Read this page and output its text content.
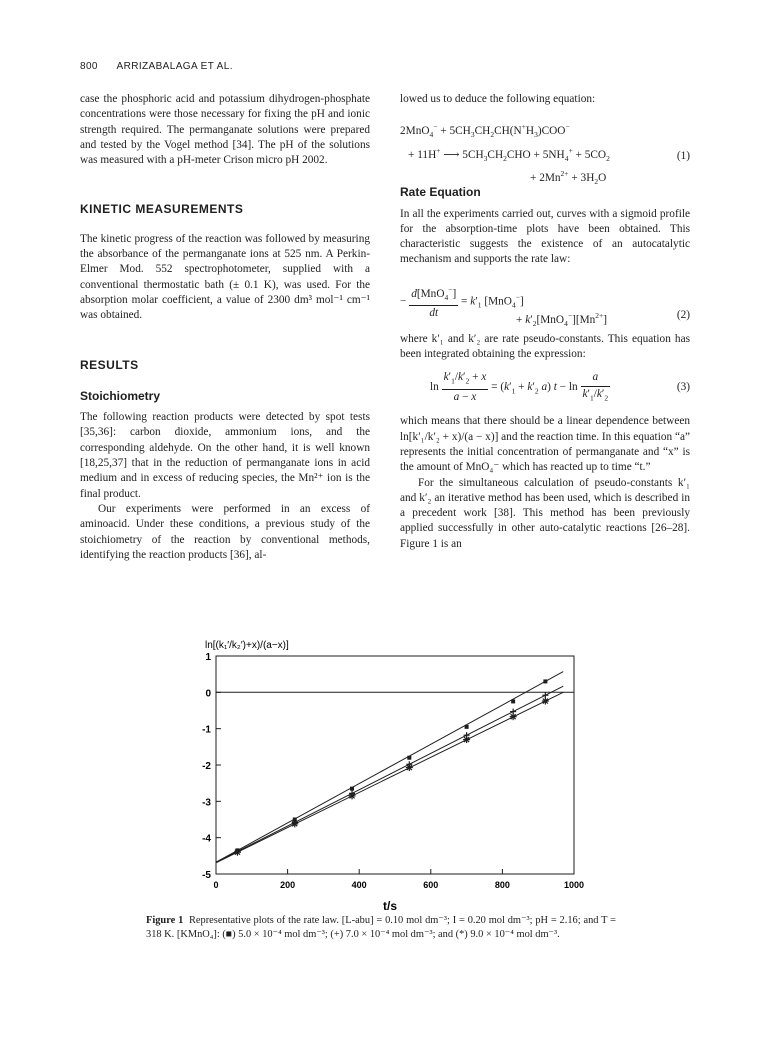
800 ARRIZABALAGA ET AL.

case the phosphoric acid and potassium dihydrogen-phosphate concentrations were those necessary for fixing the pH and ionic strength required. The permanganate solutions were prepared and tested by the Vogel method [34]. The pH of the solutions was measured with a pH-meter Crison micro pH 2002.

KINETIC MEASUREMENTS

The kinetic progress of the reaction was followed by measuring the absorbance of the permanganate ions at 525 nm. A Perkin-Elmer Mod. 552 spectrophotometer, supplied with a conventional thermostatic bath (± 0.1 K), was used. For the absorption molar coefficient, a value of 2300 dm³ mol⁻¹ cm⁻¹ was obtained.

RESULTS

Stoichiometry

The following reaction products were detected by spot tests [35,36]: carbon dioxide, ammonium ions, and the corresponding aldehyde. On the other hand, it is well known [18,25,37] that in the reduction of permanganate ions in acid medium and in excess of reducing species, the Mn²⁺ ion is the final product.

Our experiments were performed in an excess of aminoacid. Under these conditions, a previous study of the stoichiometry of the reaction by conventional methods, identifying the reaction products [36], al-

lowed us to deduce the following equation:

$2MnO_4^- + 5CH_3CH_2CH(N^+H_3)COO^-$
+ 11H+ ⟶ $5CH_3CH_2CHO + 5NH_4^+ + 5CO_2$
+ $2Mn^{2+} + 3H_2O$
(1)

Rate Equation

In all the experiments carried out, curves with a sigmoid profile for the absorption-time plots have been obtained. This characteristic suggests the existence of an autocatalytic mechanism and supports the rate law:

− $\frac{d[MnO_4^-]}{dt} = k'_1$ [MnO$_4$−]
+ $k'_2[MnO_4^-][Mn^{2+}]$	(2)

where k′₁ and k′₂ are rate pseudo-constants. This equation has been integrated obtaining the expression:

$\ln \frac{k'_1/k'_2 + x}{a - x} = (k'_1 + k'_2$ a) $t - \ln \frac{a}{k'_1/k'_2}$	(3)

which means that there should be a linear dependence between ln[k′₁/k′₂ + x)/(a − x)] and the reaction time. In this equation “a” represents the initial concentration of permanganate and “x” is the amount of MnO₄⁻ which has reacted up to time “t.”

For the simultaneous calculation of pseudo-constants k′₁ and k′₂ an iterative method has been used, which is described in a precedent work [38]. This method has been previously applied successfully in other auto-catalytic reactions [26–28]. Figure 1 is an

ln[(k₁′/k₂′)+x)/(a−x)]
1
0
-1
-2
-3
-4
-5
0	200	400	600	800	1000
t/s
Figure 1 Representative plots of the rate law. [L-abu] = 0.10 mol dm⁻³; I = 0.20 mol dm⁻³; pH = 2.16; and T = 318 K. [KMnO₄]: (■) 5.0 × 10⁻⁴ mol dm⁻³; (+) 7.0 × 10⁻⁴ mol dm⁻³; and (*) 9.0 × 10⁻⁴ mol dm⁻³.
